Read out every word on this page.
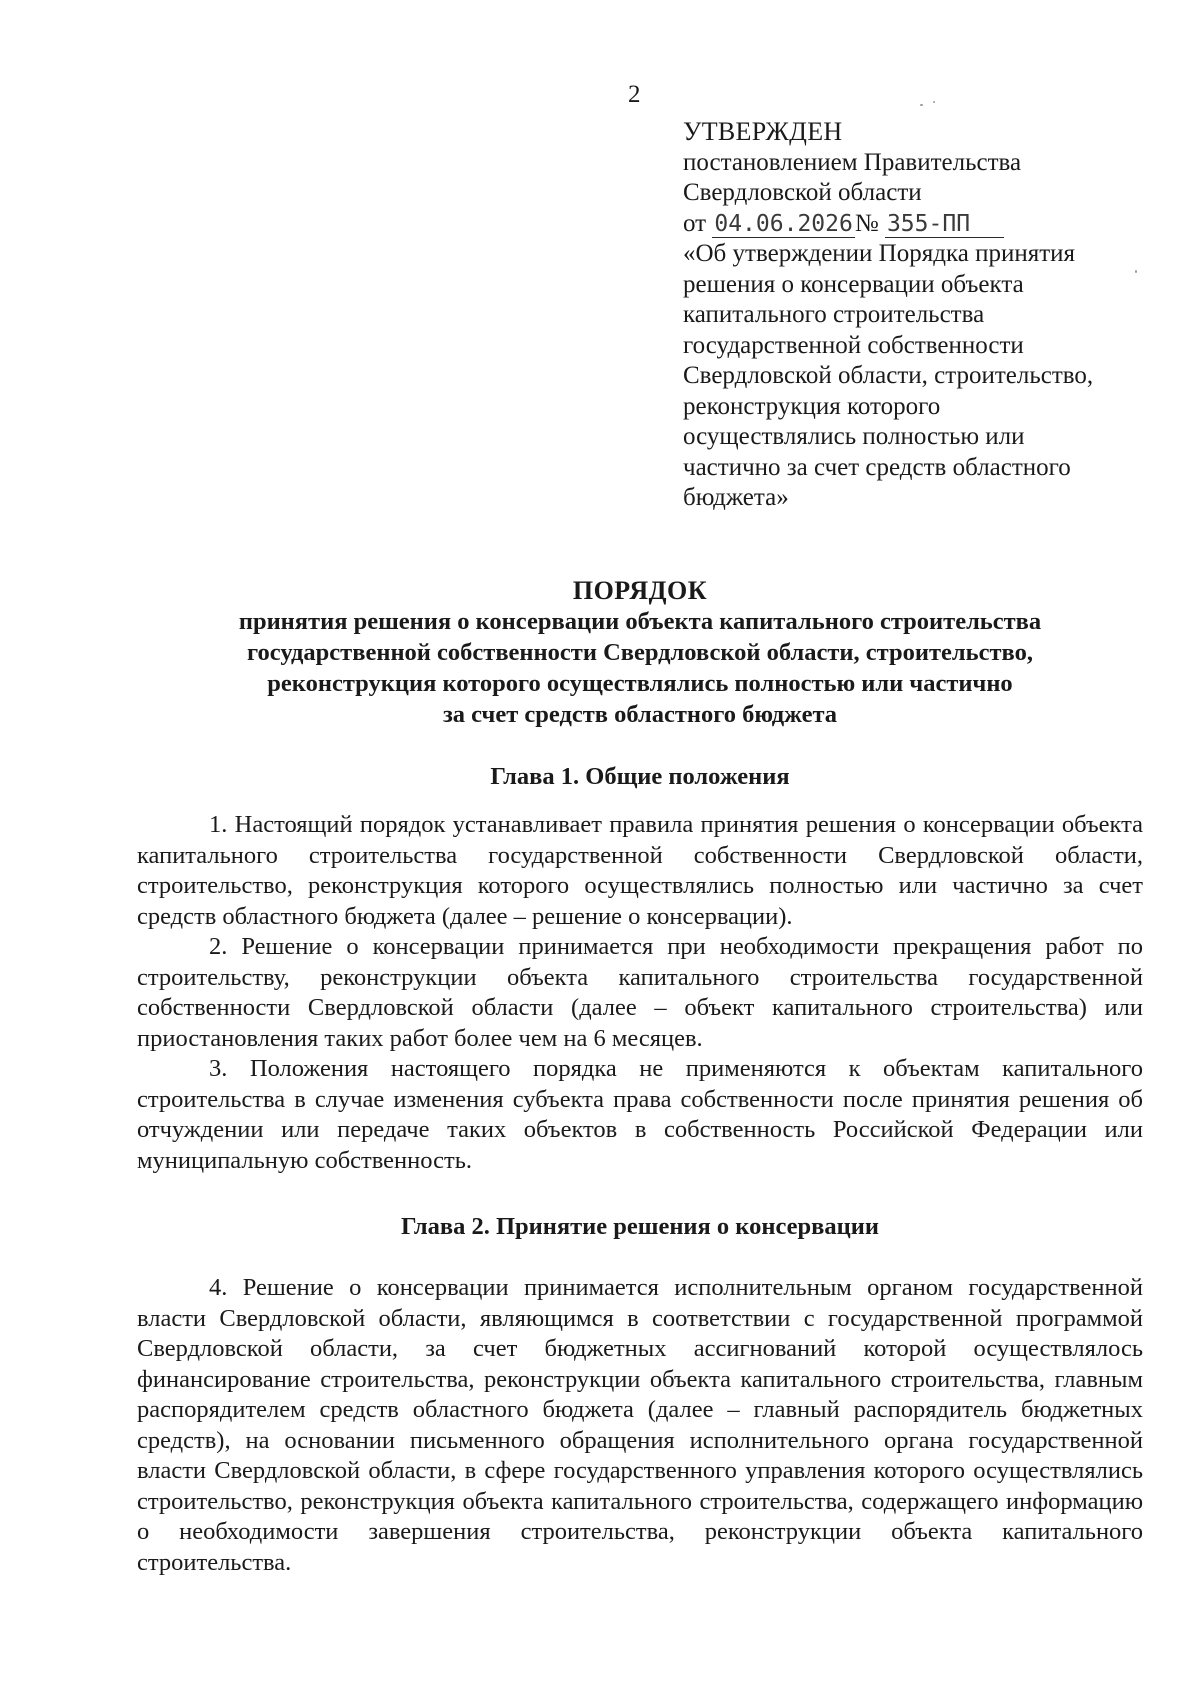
2
УТВЕРЖДЕН
постановлением Правительства
Свердловской области
от 04.06.2026№ 355-ПП
«Об утверждении Порядка принятия
решения о консервации объекта
капитального строительства
государственной собственности
Свердловской области, строительство,
реконструкция которого
осуществлялись полностью или
частично за счет средств областного
бюджета»
ПОРЯДОК
принятия решения о консервации объекта капитального строительства
государственной собственности Свердловской области, строительство,
реконструкция которого осуществлялись полностью или частично
за счет средств областного бюджета
Глава 1. Общие положения

1. Настоящий порядок устанавливает правила принятия решения о консервации объекта капитального строительства государственной собственности Свердловской области, строительство, реконструкция которого осуществлялись полностью или частично за счет средств областного бюджета (далее – решение о консервации).

2. Решение о консервации принимается при необходимости прекращения работ по строительству, реконструкции объекта капитального строительства государственной собственности Свердловской области (далее – объект капитального строительства) или приостановления таких работ более чем на 6 месяцев.

3. Положения настоящего порядка не применяются к объектам капитального строительства в случае изменения субъекта права собственности после принятия решения об отчуждении или передаче таких объектов в собственность Российской Федерации или муниципальную собственность.

Глава 2. Принятие решения о консервации

4. Решение о консервации принимается исполнительным органом государственной власти Свердловской области, являющимся в соответствии с государственной программой Свердловской области, за счет бюджетных ассигнований которой осуществлялось финансирование строительства, реконструкции объекта капитального строительства, главным распорядителем средств областного бюджета (далее – главный распорядитель бюджетных средств), на основании письменного обращения исполнительного органа государственной власти Свердловской области, в сфере государственного управления которого осуществлялись строительство, реконструкция объекта капитального строительства, содержащего информацию о необходимости завершения строительства, реконструкции объекта капитального строительства.
